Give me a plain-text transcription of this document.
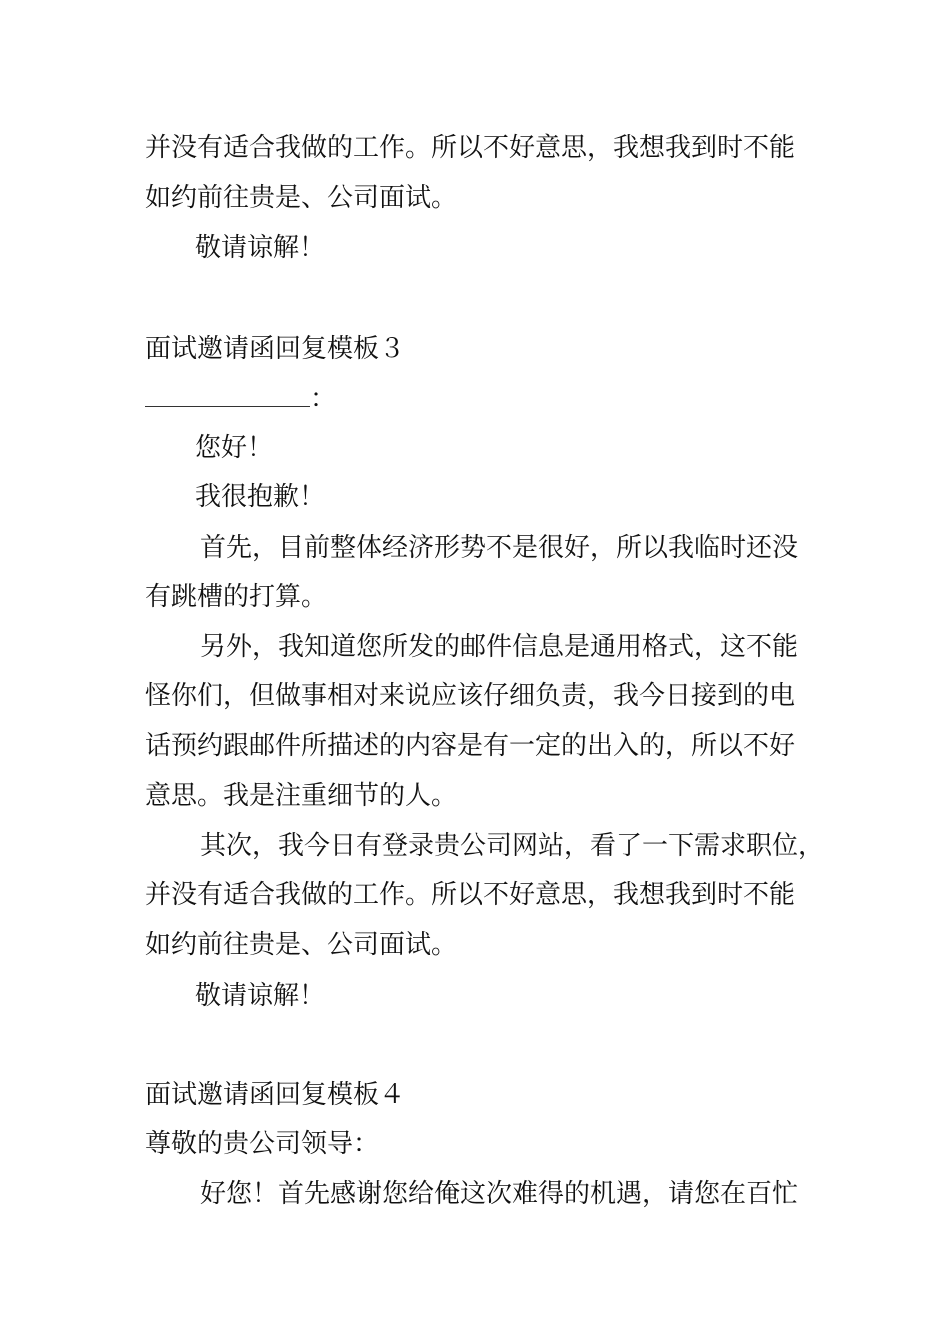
并没有适合我做的工作。所以不好意思，我想我到时不能

如约前往贵是、公司面试。

敬请谅解！

面试邀请函回复模板３

：

您好！

我很抱歉！

首先，目前整体经济形势不是很好，所以我临时还没

有跳槽的打算。

另外，我知道您所发的邮件信息是通用格式，这不能

怪你们，但做事相对来说应该仔细负责，我今日接到的电

话预约跟邮件所描述的内容是有一定的出入的，所以不好

意思。我是注重细节的人。

其次，我今日有登录贵公司网站，看了一下需求职位，

并没有适合我做的工作。所以不好意思，我想我到时不能

如约前往贵是、公司面试。

敬请谅解！

面试邀请函回复模板４

尊敬的贵公司领导：

好您！首先感谢您给俺这次难得的机遇，请您在百忙
